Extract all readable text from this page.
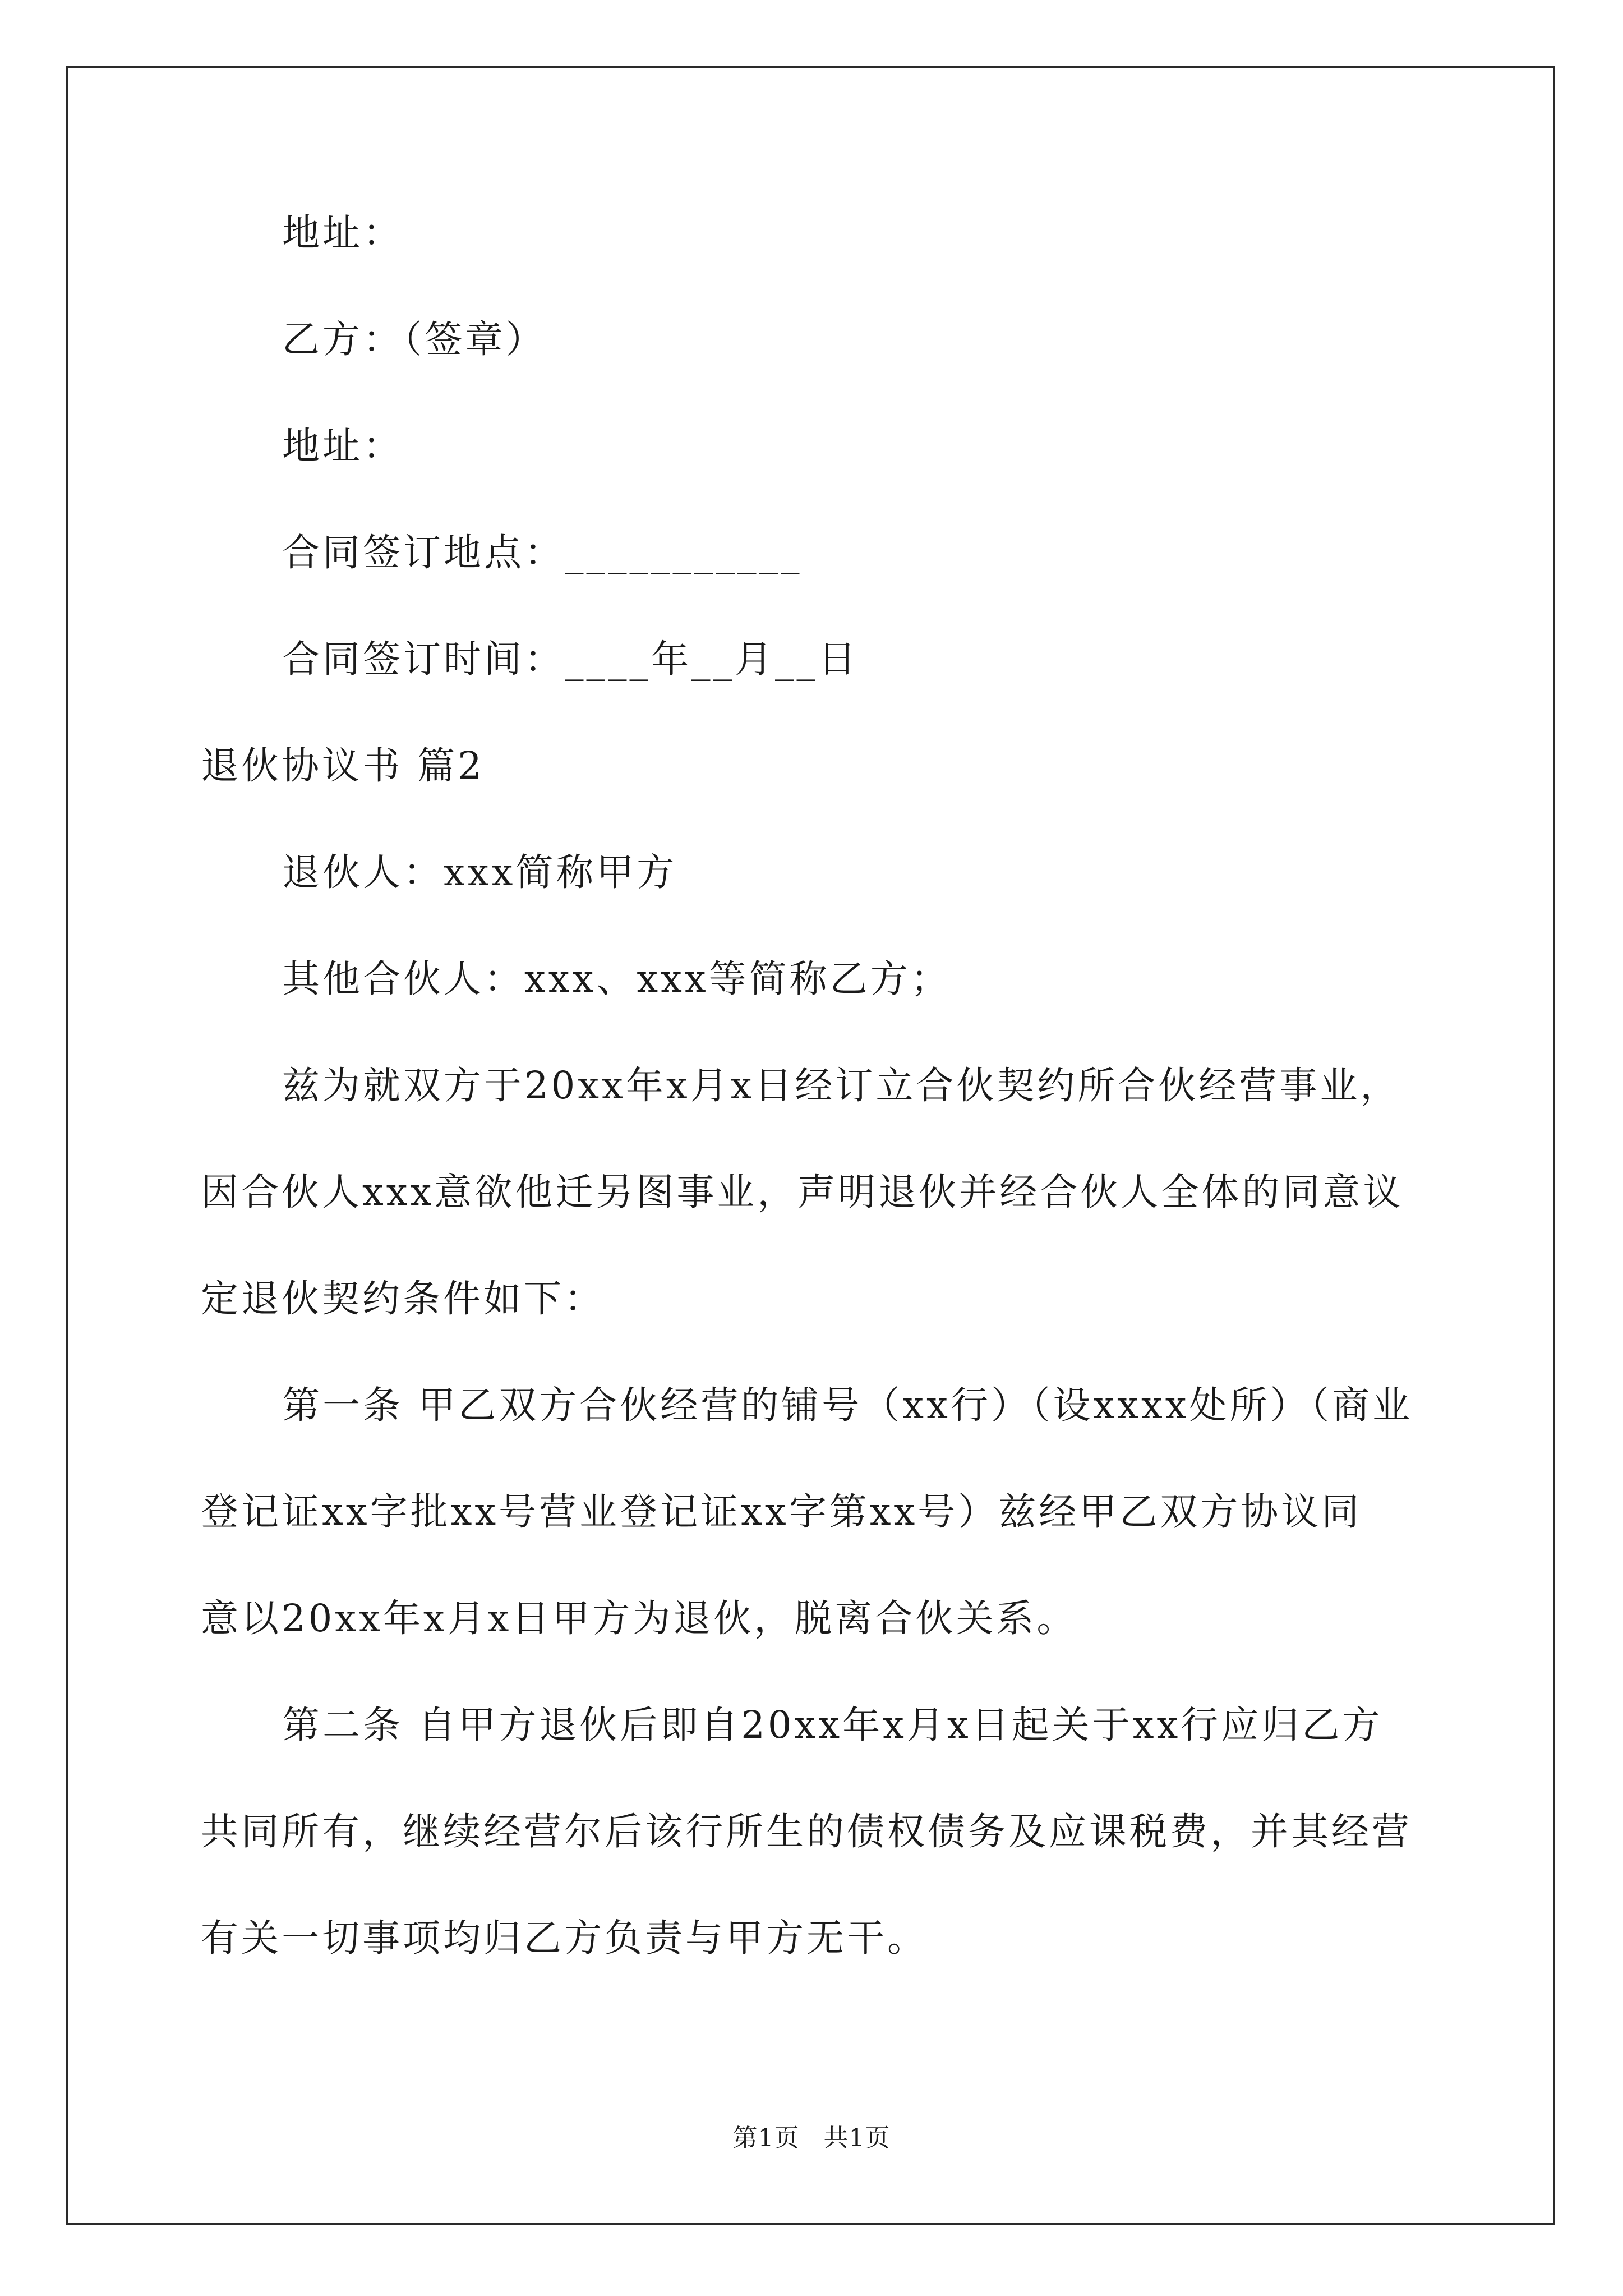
地址：
乙方：（签章）
地址：
合同签订地点：___________
合同签订时间：____年__月__日
退伙协议书 篇2
退伙人：xxx简称甲方
其他合伙人：xxx、xxx等简称乙方；
兹为就双方于20xx年x月x日经订立合伙契约所合伙经营事业，
因合伙人xxx意欲他迁另图事业，声明退伙并经合伙人全体的同意议
定退伙契约条件如下：
第一条 甲乙双方合伙经营的铺号（xx行）（设xxxx处所）（商业
登记证xx字批xx号营业登记证xx字第xx号）兹经甲乙双方协议同
意以20xx年x月x日甲方为退伙，脱离合伙关系。
第二条 自甲方退伙后即自20xx年x月x日起关于xx行应归乙方
共同所有，继续经营尔后该行所生的债权债务及应课税费，并其经营
有关一切事项均归乙方负责与甲方无干。
第1页 共1页
